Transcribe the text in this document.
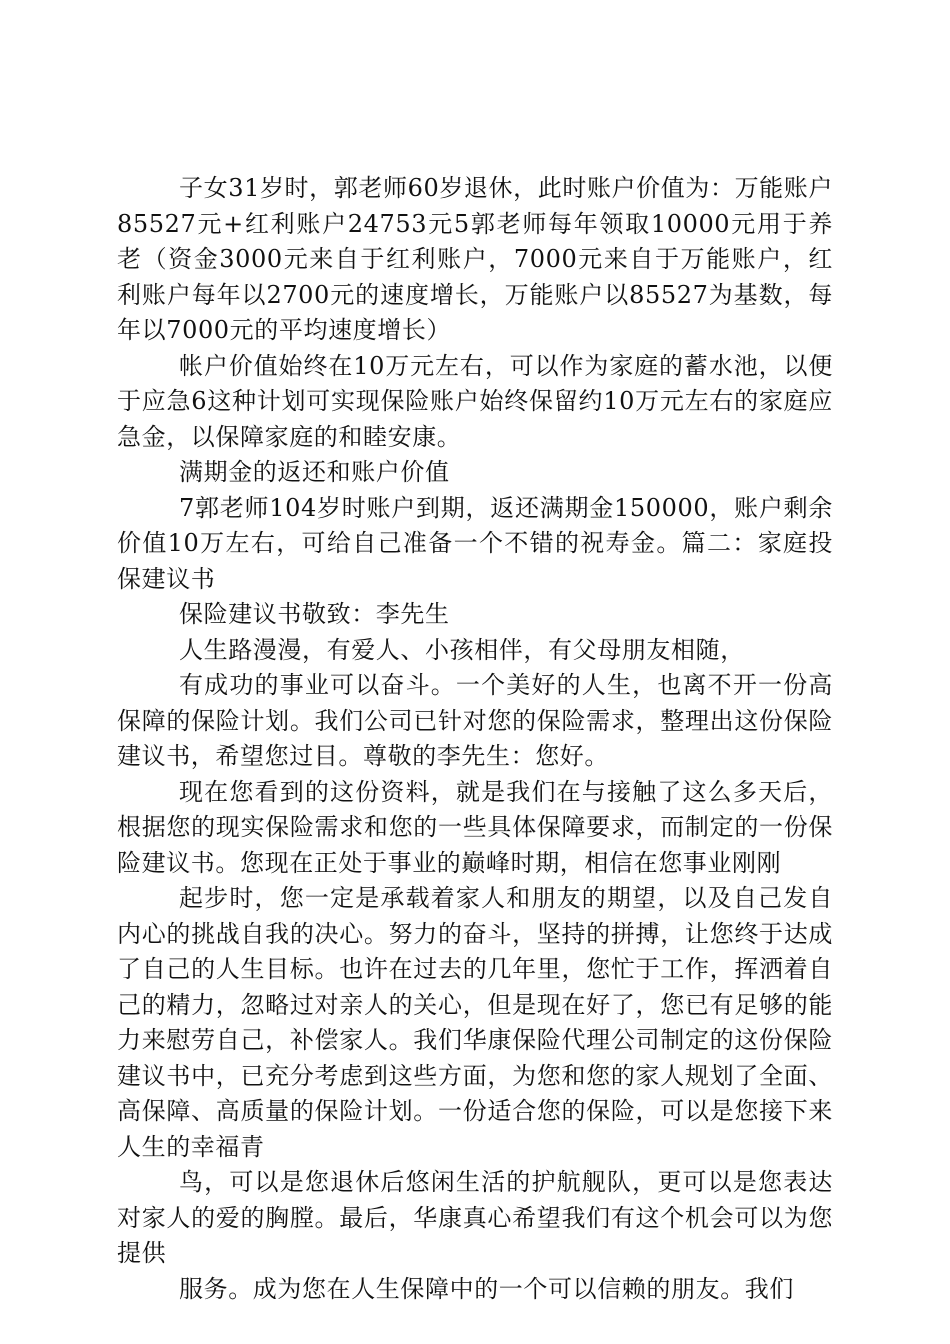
子女31岁时，郭老师60岁退休，此时账户价值为：万能账户85527元+红利账户24753元5郭老师每年领取10000元用于养老（资金3000元来自于红利账户，7000元来自于万能账户，红利账户每年以2700元的速度增长，万能账户以85527为基数，每年以7000元的平均速度增长）

帐户价值始终在10万元左右，可以作为家庭的蓄水池，以便于应急6这种计划可实现保险账户始终保留约10万元左右的家庭应急金，以保障家庭的和睦安康。

满期金的返还和账户价值

7郭老师104岁时账户到期，返还满期金150000，账户剩余价值10万左右，可给自己准备一个不错的祝寿金。篇二：家庭投保建议书

保险建议书敬致：李先生

人生路漫漫，有爱人、小孩相伴，有父母朋友相随，

有成功的事业可以奋斗。一个美好的人生，也离不开一份高保障的保险计划。我们公司已针对您的保险需求，整理出这份保险建议书，希望您过目。尊敬的李先生：您好。

现在您看到的这份资料，就是我们在与接触了这么多天后，根据您的现实保险需求和您的一些具体保障要求，而制定的一份保险建议书。您现在正处于事业的巅峰时期，相信在您事业刚刚

起步时，您一定是承载着家人和朋友的期望，以及自己发自内心的挑战自我的决心。努力的奋斗，坚持的拼搏，让您终于达成了自己的人生目标。也许在过去的几年里，您忙于工作，挥洒着自己的精力，忽略过对亲人的关心，但是现在好了，您已有足够的能力来慰劳自己，补偿家人。我们华康保险代理公司制定的这份保险建议书中，已充分考虑到这些方面，为您和您的家人规划了全面、高保障、高质量的保险计划。一份适合您的保险，可以是您接下来人生的幸福青

鸟，可以是您退休后悠闲生活的护航舰队，更可以是您表达对家人的爱的胸膛。最后，华康真心希望我们有这个机会可以为您提供

服务。成为您在人生保障中的一个可以信赖的朋友。我们
